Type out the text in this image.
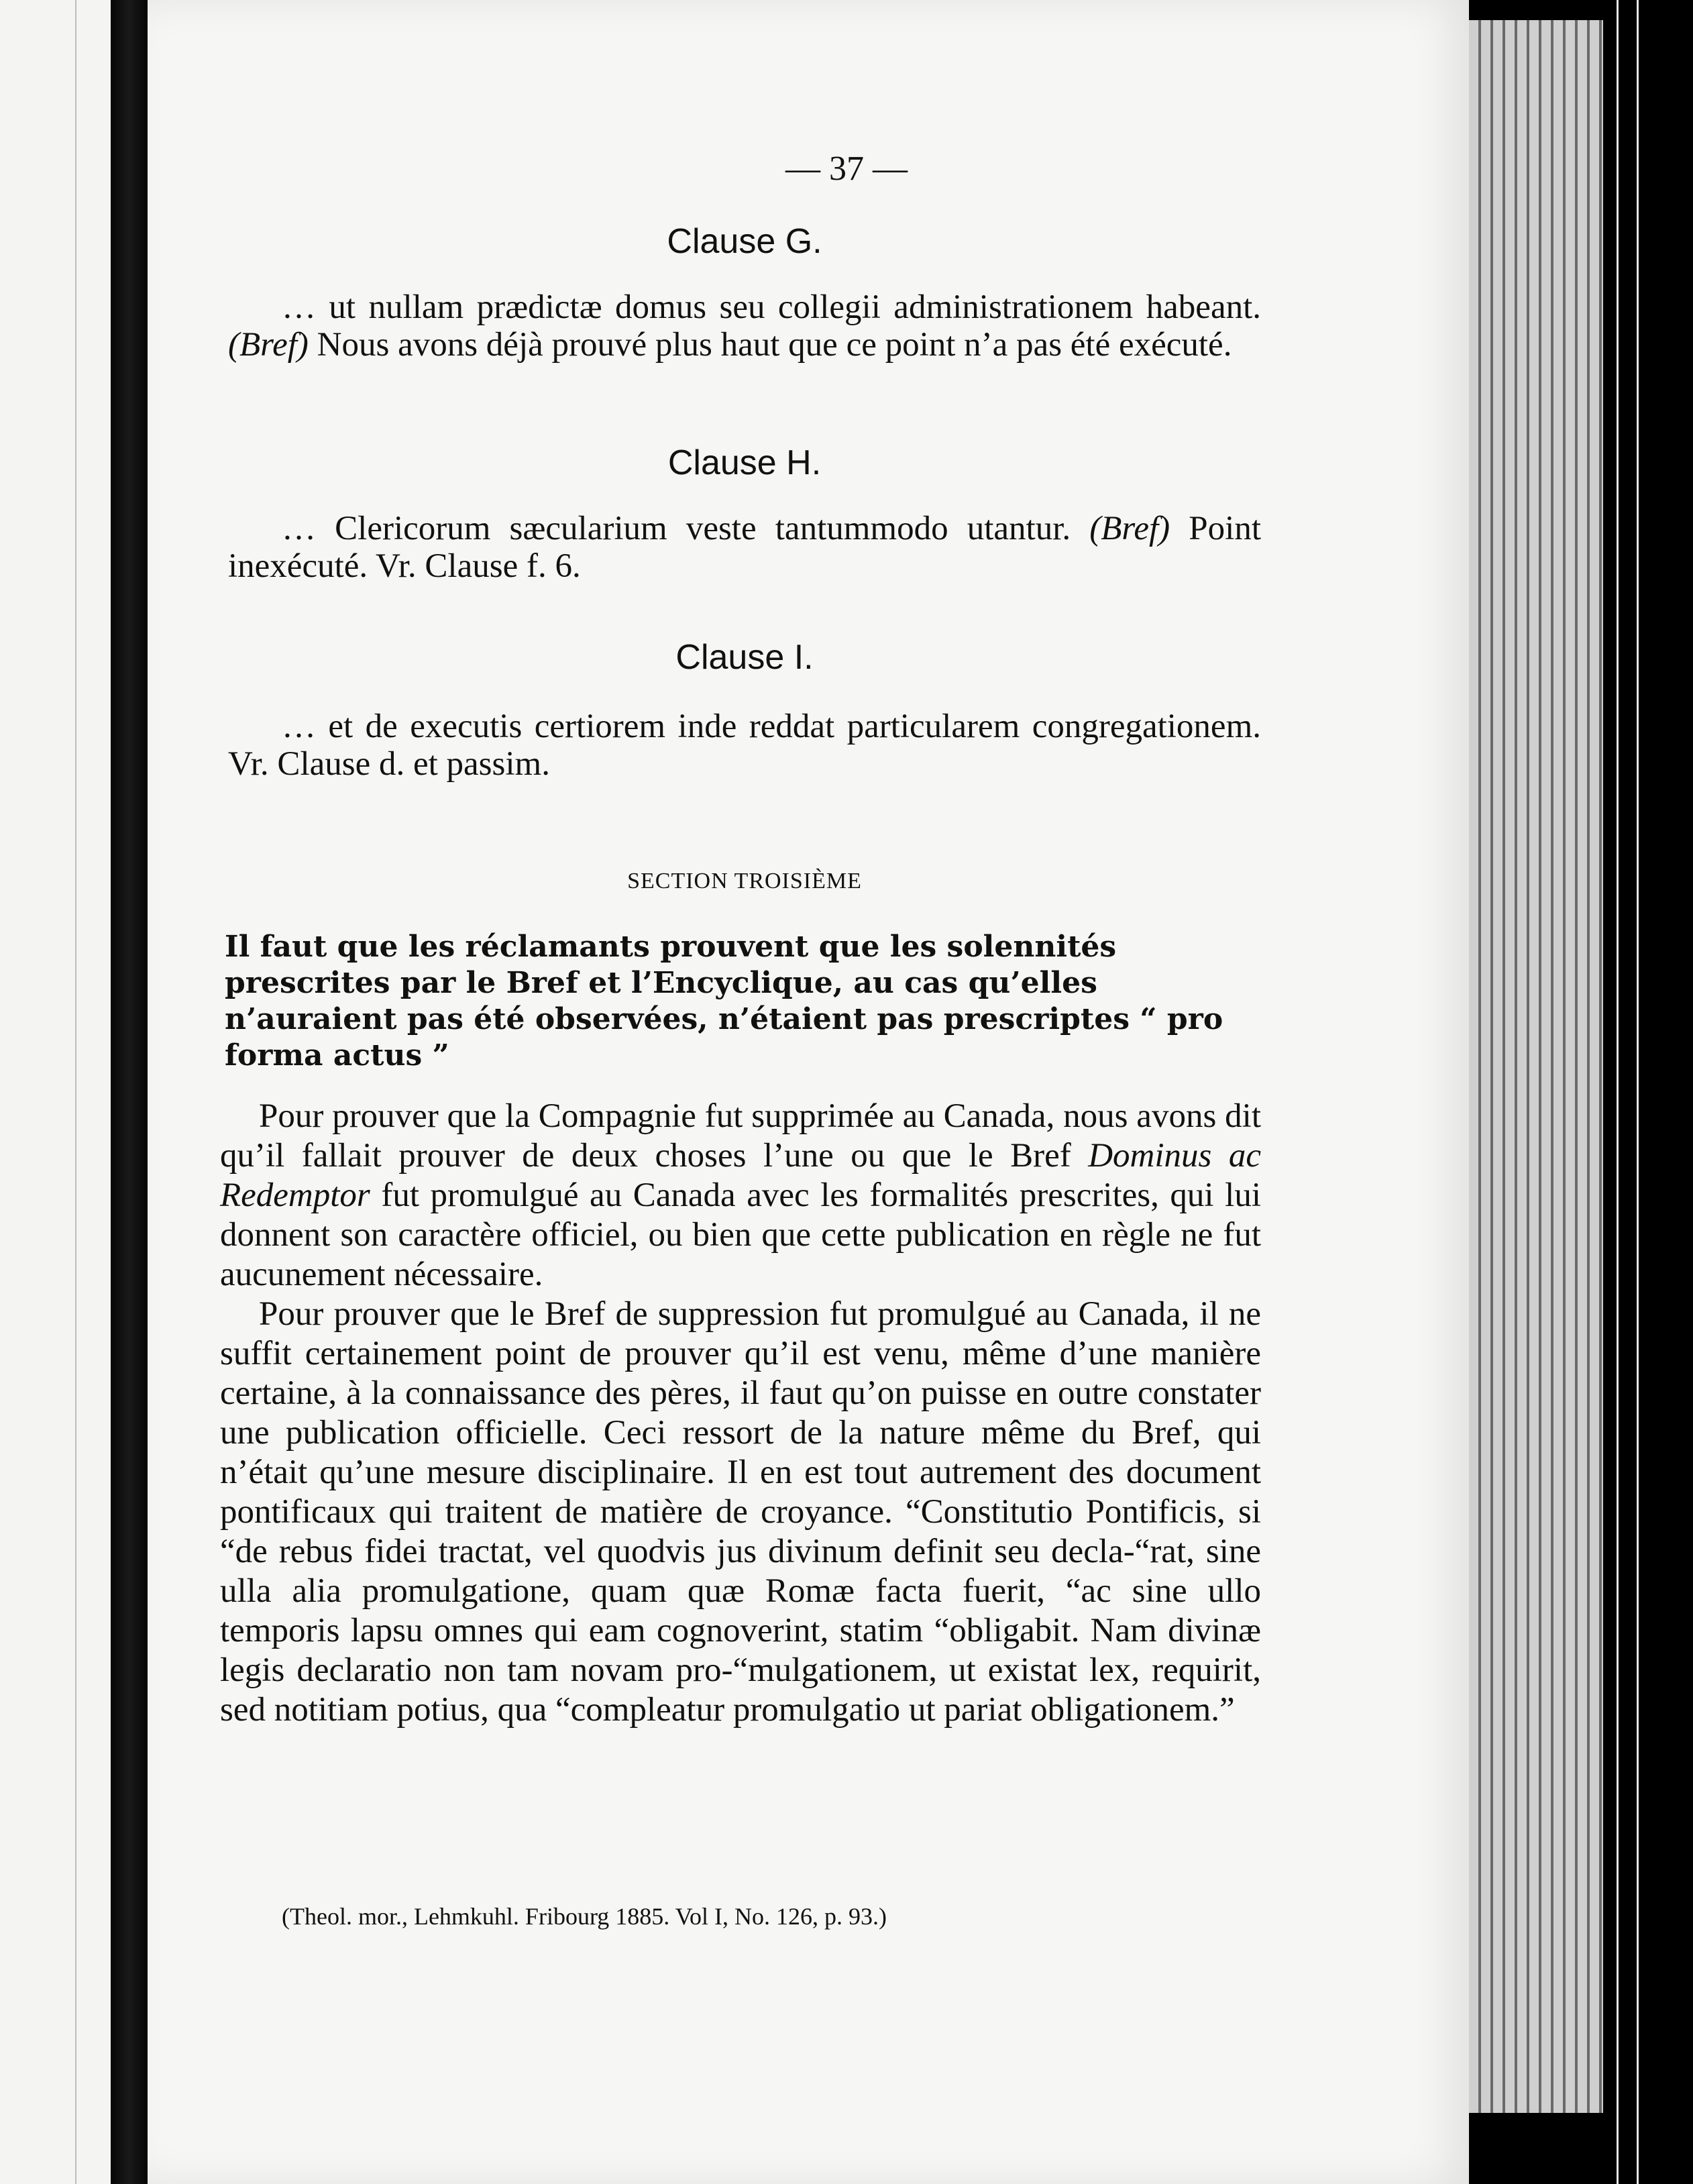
— 37 —
Clause G.

… ut nullam prædictæ domus seu collegii administrationem habeant. (Bref) Nous avons déjà prouvé plus haut que ce point n’a pas été exécuté.

Clause H.

… Clericorum sæcularium veste tantummodo utantur. (Bref) Point inexécuté. Vr. Clause f. 6.

Clause I.

… et de executis certiorem inde reddat particularem congregationem. Vr. Clause d. et passim.

SECTION TROISIÈME

Il faut que les réclamants prouvent que les solennités prescrites par le Bref et l’Encyclique, au cas qu’elles n’auraient pas été observées, n’étaient pas prescriptes “ pro forma actus ”

Pour prouver que la Compagnie fut supprimée au Canada, nous avons dit qu’il fallait prouver de deux choses l’une ou que le Bref Dominus ac Redemptor fut promulgué au Canada avec les formalités prescrites, qui lui donnent son caractère officiel, ou bien que cette publication en règle ne fut aucunement nécessaire.

Pour prouver que le Bref de suppression fut promulgué au Canada, il ne suffit certainement point de prouver qu’il est venu, même d’une manière certaine, à la connaissance des pères, il faut qu’on puisse en outre constater une publication officielle. Ceci ressort de la nature même du Bref, qui n’était qu’une mesure disciplinaire. Il en est tout autrement des document pontificaux qui traitent de matière de croyance. “Constitutio Pontificis, si “de rebus fidei tractat, vel quodvis jus divinum definit seu decla-“rat, sine ulla alia promulgatione, quam quæ Romæ facta fuerit, “ac sine ullo temporis lapsu omnes qui eam cognoverint, statim “obligabit. Nam divinæ legis declaratio non tam novam pro-“mulgationem, ut existat lex, requirit, sed notitiam potius, qua “compleatur promulgatio ut pariat obligationem.”

(Theol. mor., Lehmkuhl. Fribourg 1885. Vol I, No. 126, p. 93.)
